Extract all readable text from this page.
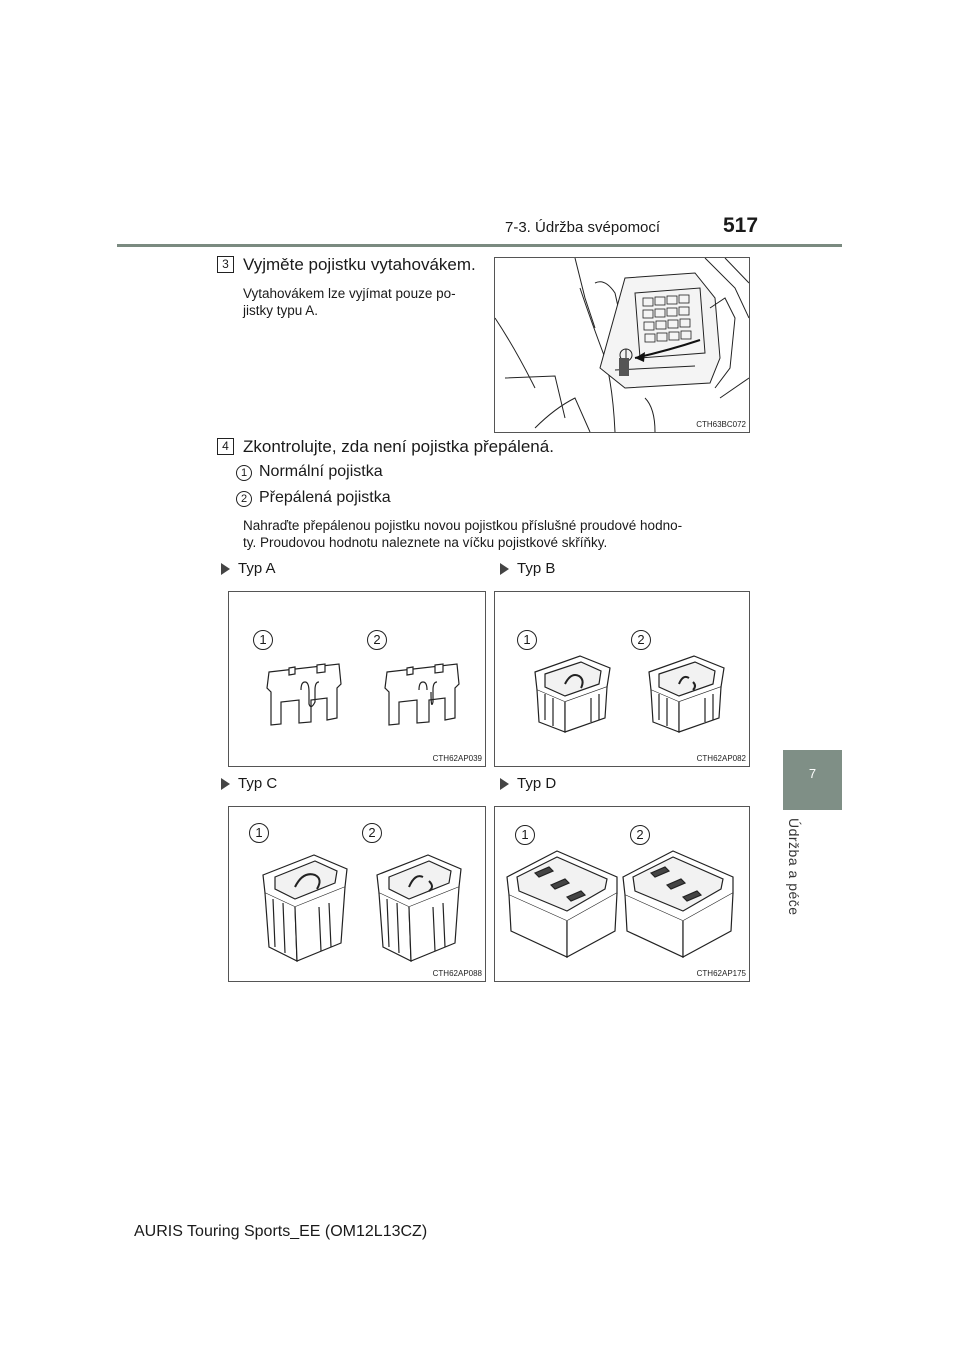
7-3. Údržba svépomocí	517
7
Údržba a péče
3 Vyjměte pojistku vytahovákem.
Vytahovákem lze vyjímat pouze po-
jistky typu A.
CTH63BC072
4 Zkontrolujte, zda není pojistka přepálená.
1 Normální pojistka
2 Přepálená pojistka
Nahraďte přepálenou pojistku novou pojistkou příslušné proudové hodno-
ty. Proudovou hodnotu naleznete na víčku pojistkové skříňky.
Typ A	Typ B
Typ C	Typ D
1	2
CTH62AP039
1	2
CTH62AP082
1	2
CTH62AP088
1	2
CTH62AP175
AURIS Touring Sports_EE (OM12L13CZ)
